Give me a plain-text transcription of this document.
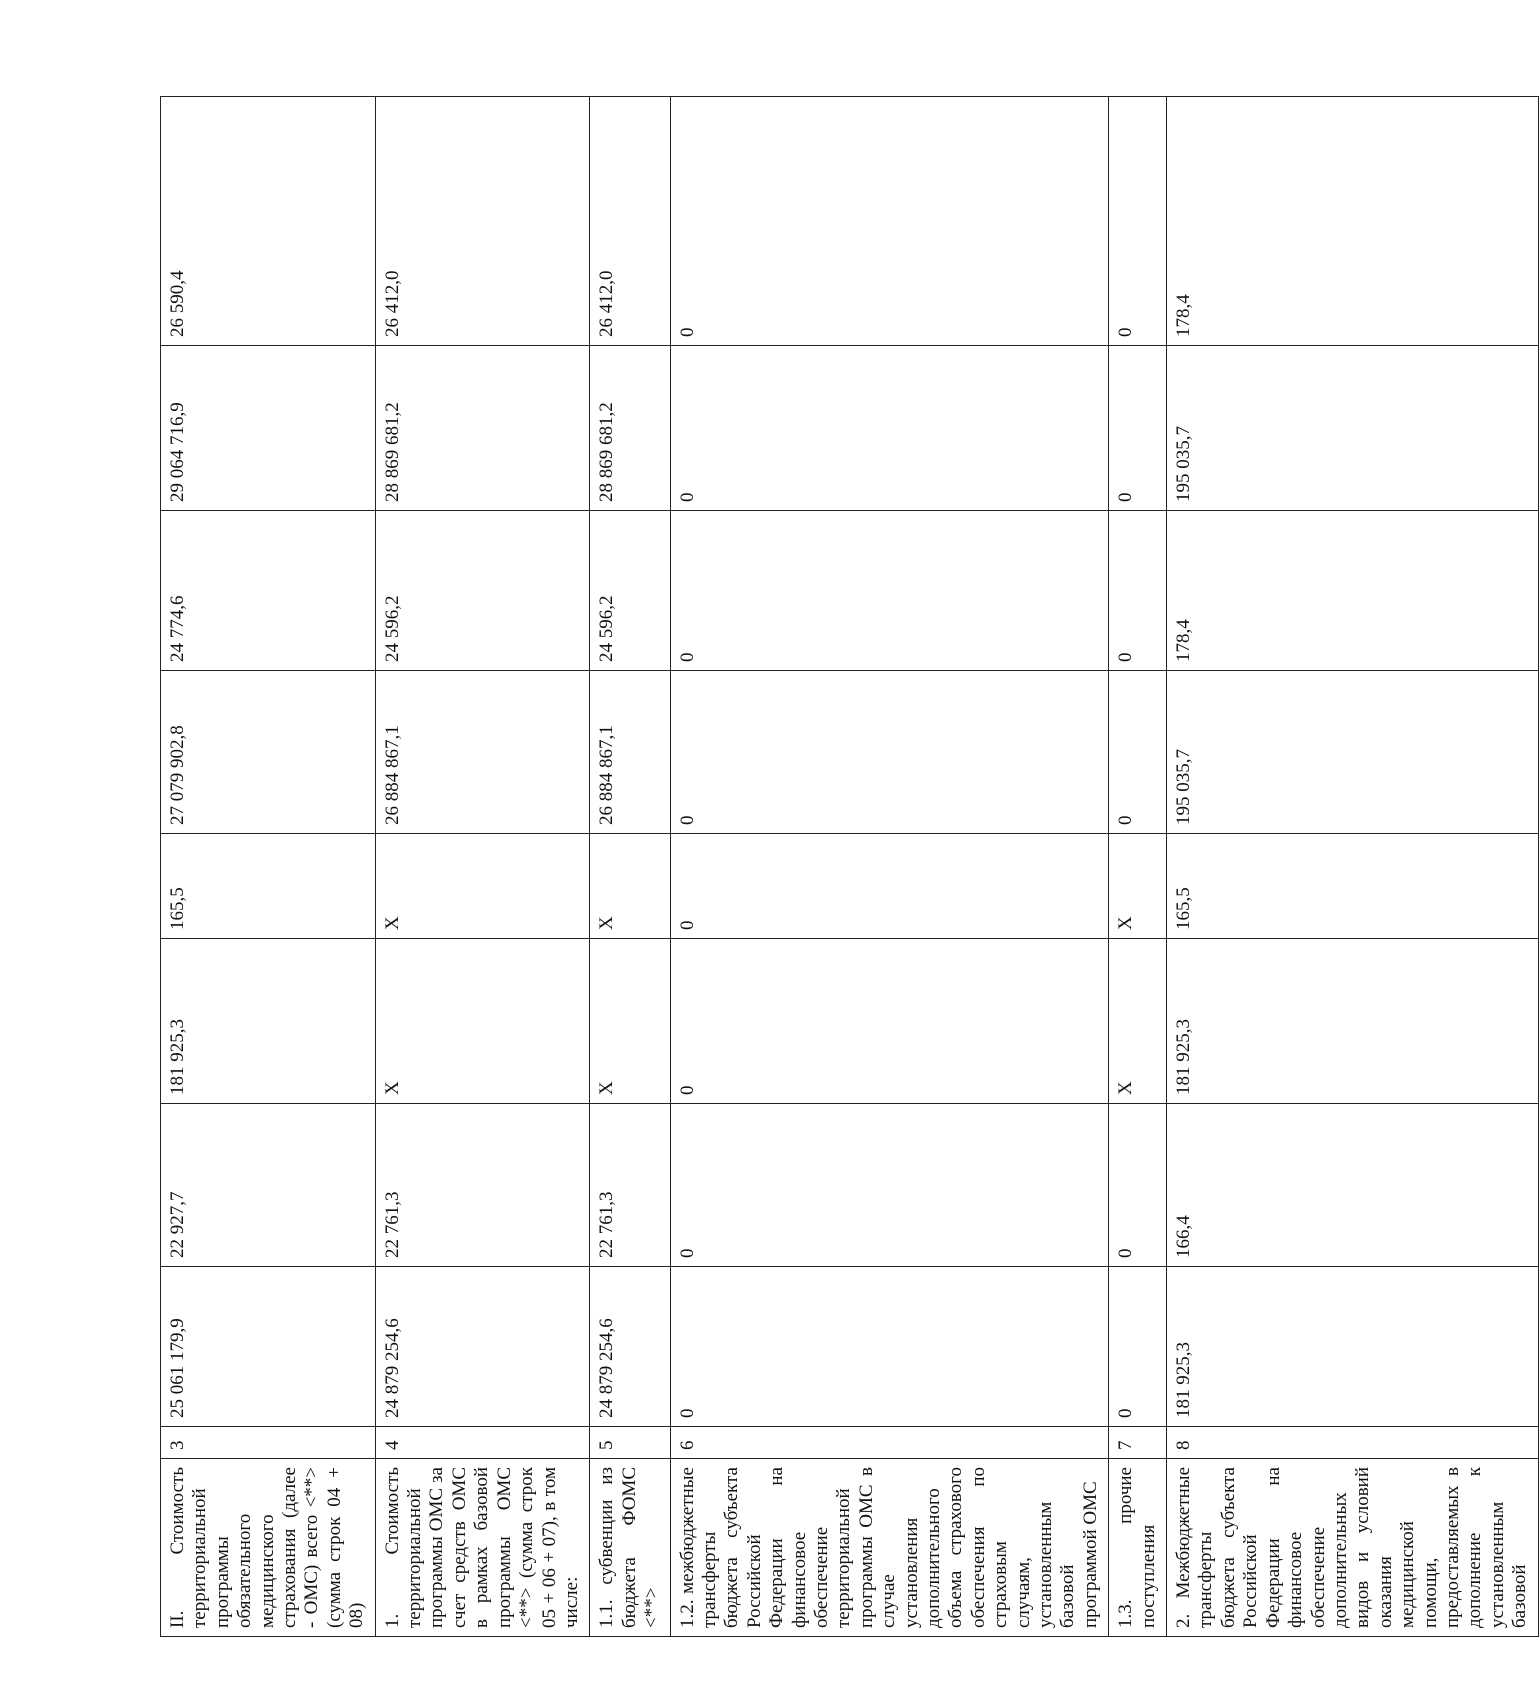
II. Стоимость территориальной программы обязательного медицинского страхования (далее - ОМС) всего <**> (сумма строк 04 + 08)	3	25 061 179,9	22 927,7	181 925,3	165,5	27 079 902,8	24 774,6	29 064 716,9	26 590,4
1. Стоимость территориальной программы ОМС за счет средств ОМС в рамках базовой программы ОМС <**> (сумма строк 05 + 06 + 07), в том числе:	4	24 879 254,6	22 761,3	X	X	26 884 867,1	24 596,2	28 869 681,2	26 412,0
1.1. субвенции из бюджета ФОМС <**>	5	24 879 254,6	22 761,3	X	X	26 884 867,1	24 596,2	28 869 681,2	26 412,0
1.2. межбюджетные трансферты бюджета субъекта Российской Федерации на финансовое обеспечение территориальной программы ОМС в случае установления дополнительного объема страхового обеспечения по страховым случаям, установленным базовой программой ОМС	6	0	0	0	0	0	0	0	0
1.3. прочие поступления	7	0	0	X	X	0	0	0	0
2. Межбюджетные трансферты бюджета субъекта Российской Федерации на финансовое обеспечение дополнительных видов и условий оказания медицинской помощи, предоставляемых в дополнение к установленным базовой	8	181 925,3	166,4	181 925,3	165,5	195 035,7	178,4	195 035,7	178,4
